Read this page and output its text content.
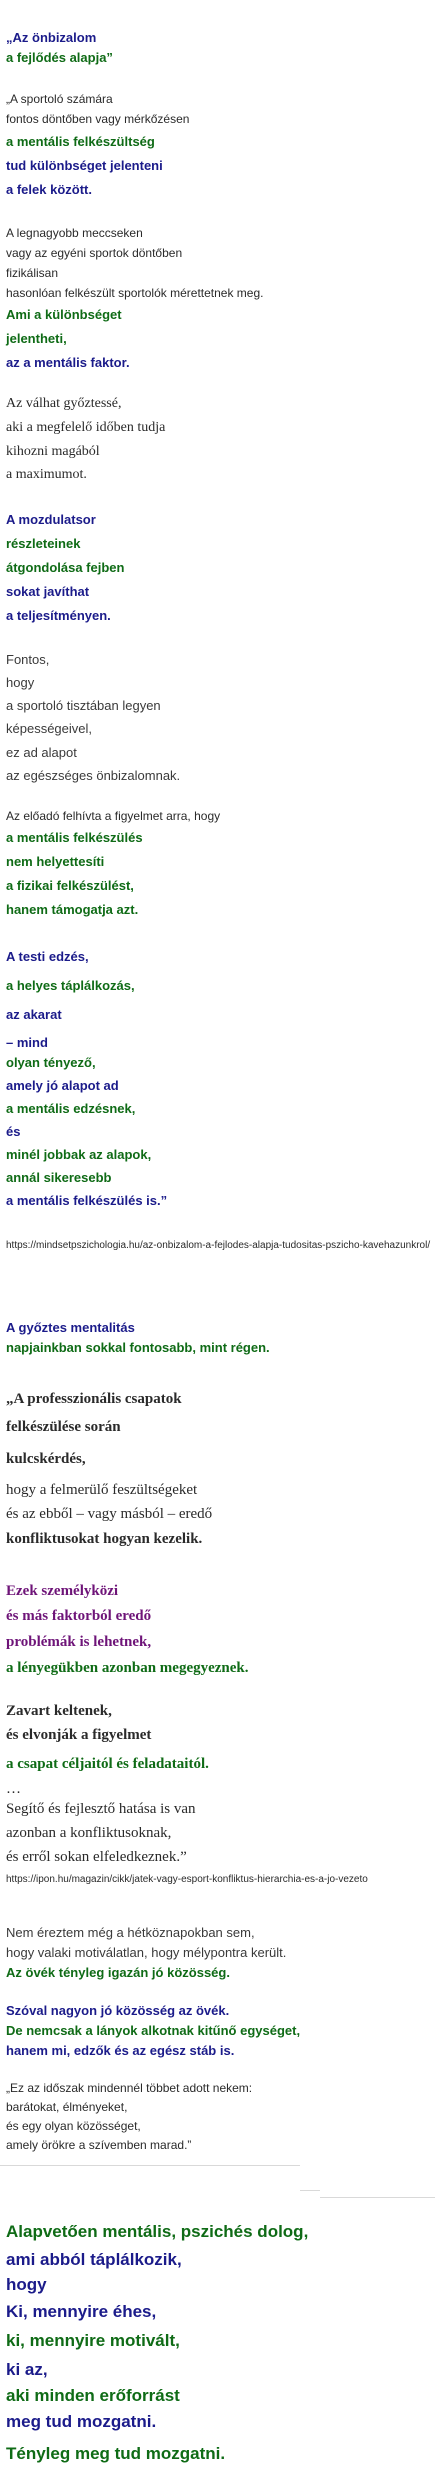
„Az önbizalom

a fejlődés alapja”

„A sportoló számára

fontos döntőben vagy mérkőzésen

a mentális felkészültség

tud különbséget jelenteni

a felek között.

A legnagyobb meccseken

vagy az egyéni sportok döntőben

fizikálisan

hasonlóan felkészült sportolók mérettetnek meg.

Ami a különbséget

jelentheti,

az a mentális faktor.

Az válhat győztessé,

aki a megfelelő időben tudja

kihozni magából

a maximumot.

A mozdulatsor

részleteinek

átgondolása fejben

sokat javíthat

a teljesítményen.

Fontos,

hogy

a sportoló tisztában legyen

képességeivel,

ez ad alapot

az egészséges önbizalomnak.

Az előadó felhívta a figyelmet arra, hogy

a mentális felkészülés

nem helyettesíti

a fizikai felkészülést,

hanem támogatja azt.

A testi edzés,

a helyes táplálkozás,

az akarat

– mind

olyan tényező,

amely jó alapot ad

a mentális edzésnek,

és

minél jobbak az alapok,

annál sikeresebb

a mentális felkészülés is.”

https://mindsetpszichologia.hu/az-onbizalom-a-fejlodes-alapja-tudositas-pszicho-kavehazunkrol/

A győztes mentalitás

napjainkban sokkal fontosabb, mint régen.

„A professzionális csapatok

felkészülése során

kulcskérdés,

hogy a felmerülő feszültségeket

és az ebből – vagy másból – eredő

konfliktusokat hogyan kezelik.

Ezek személyközi

és más faktorból eredő

problémák is lehetnek,

a lényegükben azonban megegyeznek.

Zavart keltenek,

és elvonják a figyelmet

a csapat céljaitól és feladataitól.

…

Segítő és fejlesztő hatása is van

azonban a konfliktusoknak,

és erről sokan elfeledkeznek.”

https://ipon.hu/magazin/cikk/jatek-vagy-esport-konfliktus-hierarchia-es-a-jo-vezeto

Nem éreztem még a hétköznapokban sem,

hogy valaki motiválatlan, hogy mélypontra került.

Az övék tényleg igazán jó közösség.

Szóval nagyon jó közösség az övék.

De nemcsak a lányok alkotnak kitűnő egységet,

hanem mi, edzők és az egész stáb is.

„Ez az időszak mindennél többet adott nekem:

barátokat, élményeket,

és egy olyan közösséget,

amely örökre a szívemben marad.”

Alapvetően mentális, pszichés dolog,

ami abból táplálkozik,

hogy

Ki, mennyire éhes,

ki, mennyire motivált,

ki az,

aki minden erőforrást

meg tud mozgatni.

Tényleg meg tud mozgatni.
